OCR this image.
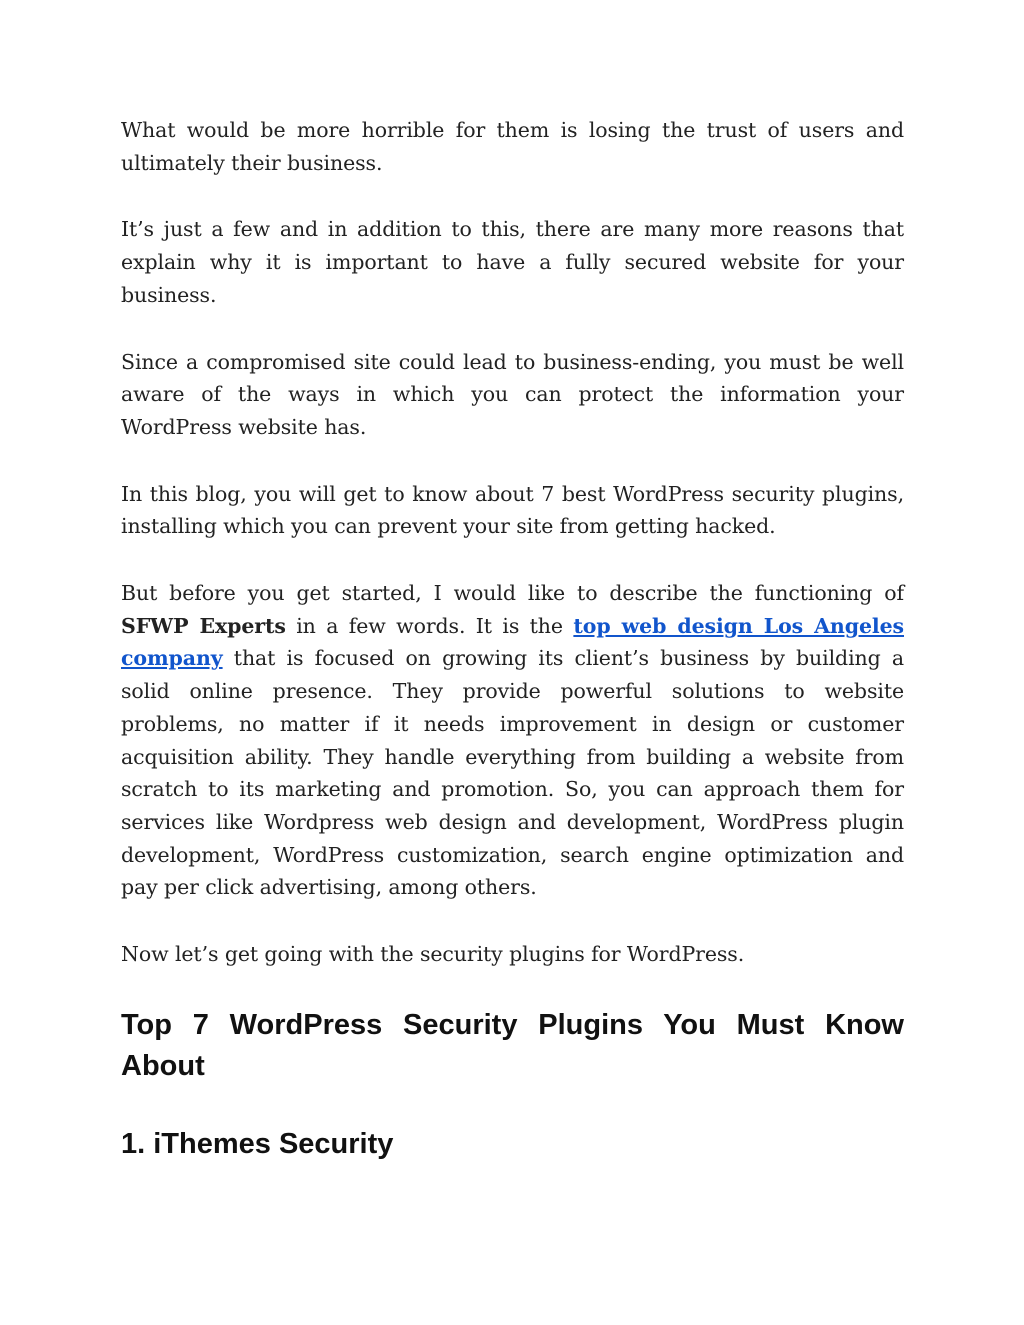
What would be more horrible for them is losing the trust of users and ultimately their business.

It’s just a few and in addition to this, there are many more reasons that explain why it is important to have a fully secured website for your business.

Since a compromised site could lead to business-ending, you must be well aware of the ways in which you can protect the information your WordPress website has.

In this blog, you will get to know about 7 best WordPress security plugins, installing which you can prevent your site from getting hacked.

But before you get started, I would like to describe the functioning of SFWP Experts in a few words. It is the top web design Los Angeles company that is focused on growing its client’s business by building a solid online presence. They provide powerful solutions to website problems, no matter if it needs improvement in design or customer acquisition ability. They handle everything from building a website from scratch to its marketing and promotion. So, you can approach them for services like Wordpress web design and development, WordPress plugin development, WordPress customization, search engine optimization and pay per click advertising, among others.

Now let’s get going with the security plugins for WordPress.

Top 7 WordPress Security Plugins You Must Know About
1. iThemes Security
